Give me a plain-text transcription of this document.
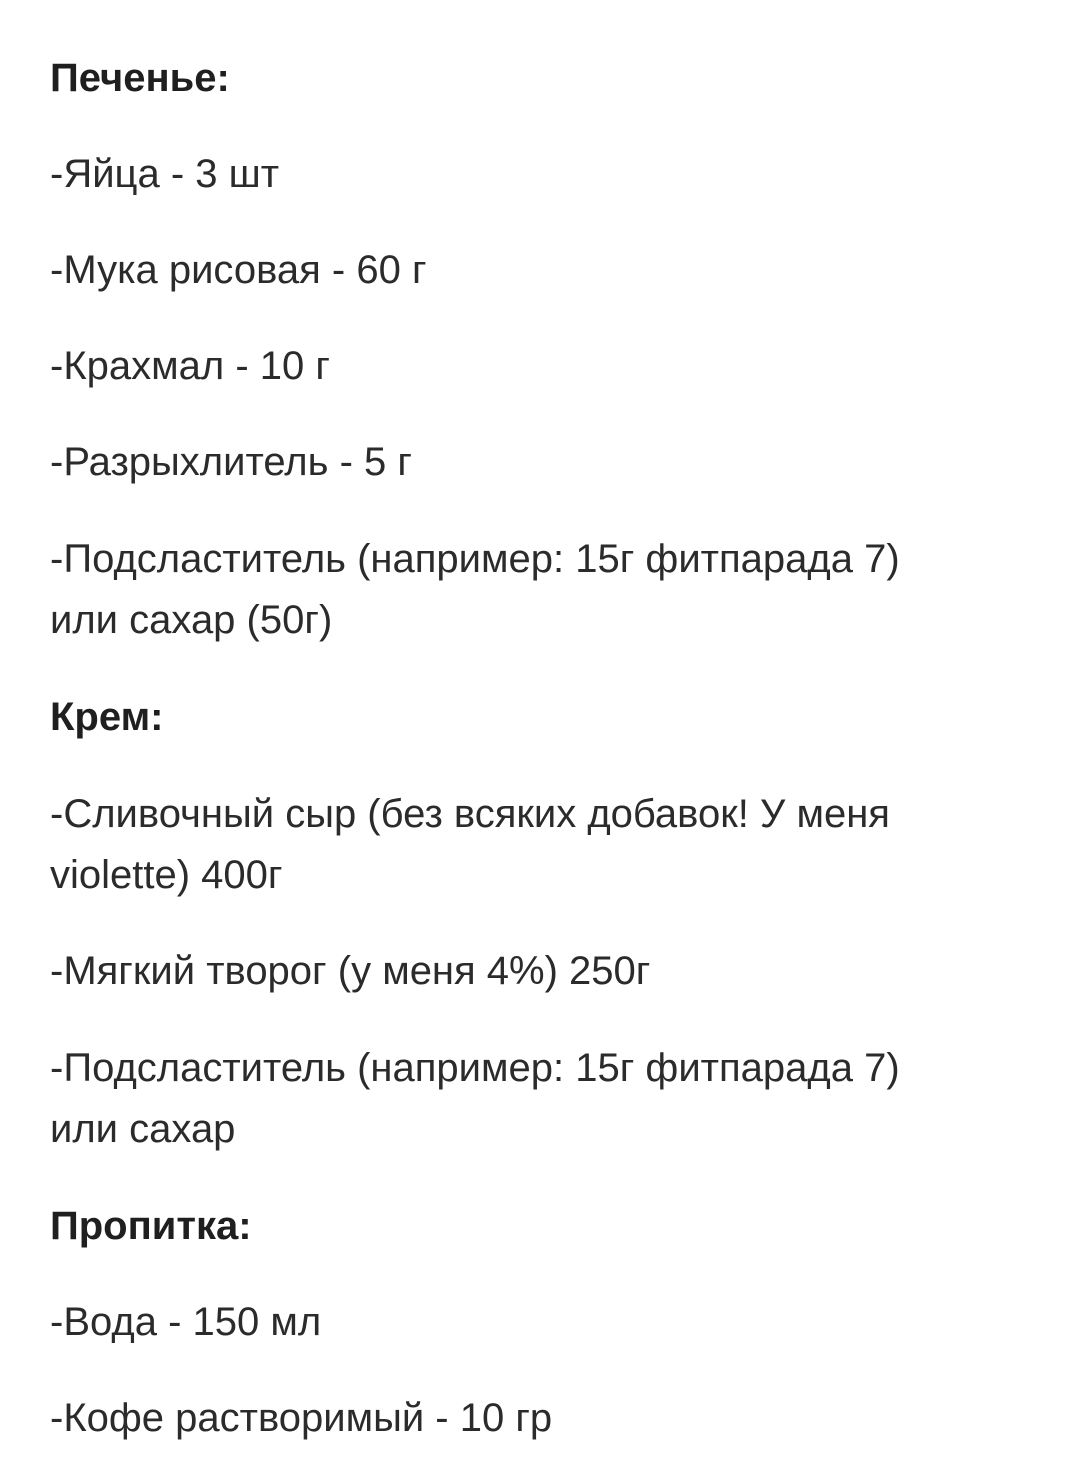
Печенье:
-Яйца - 3 шт
-Мука рисовая - 60 г
-Крахмал - 10 г
-Разрыхлитель - 5 г
-Подсластитель (например: 15г фитпарада 7)
или сахар (50г)
Крем:
-Сливочный сыр (без всяких добавок! У меня
violette) 400г
-Мягкий творог (у меня 4%) 250г
-Подсластитель (например: 15г фитпарада 7)
или сахар
Пропитка:
-Вода - 150 мл
-Кофе растворимый - 10 гр
